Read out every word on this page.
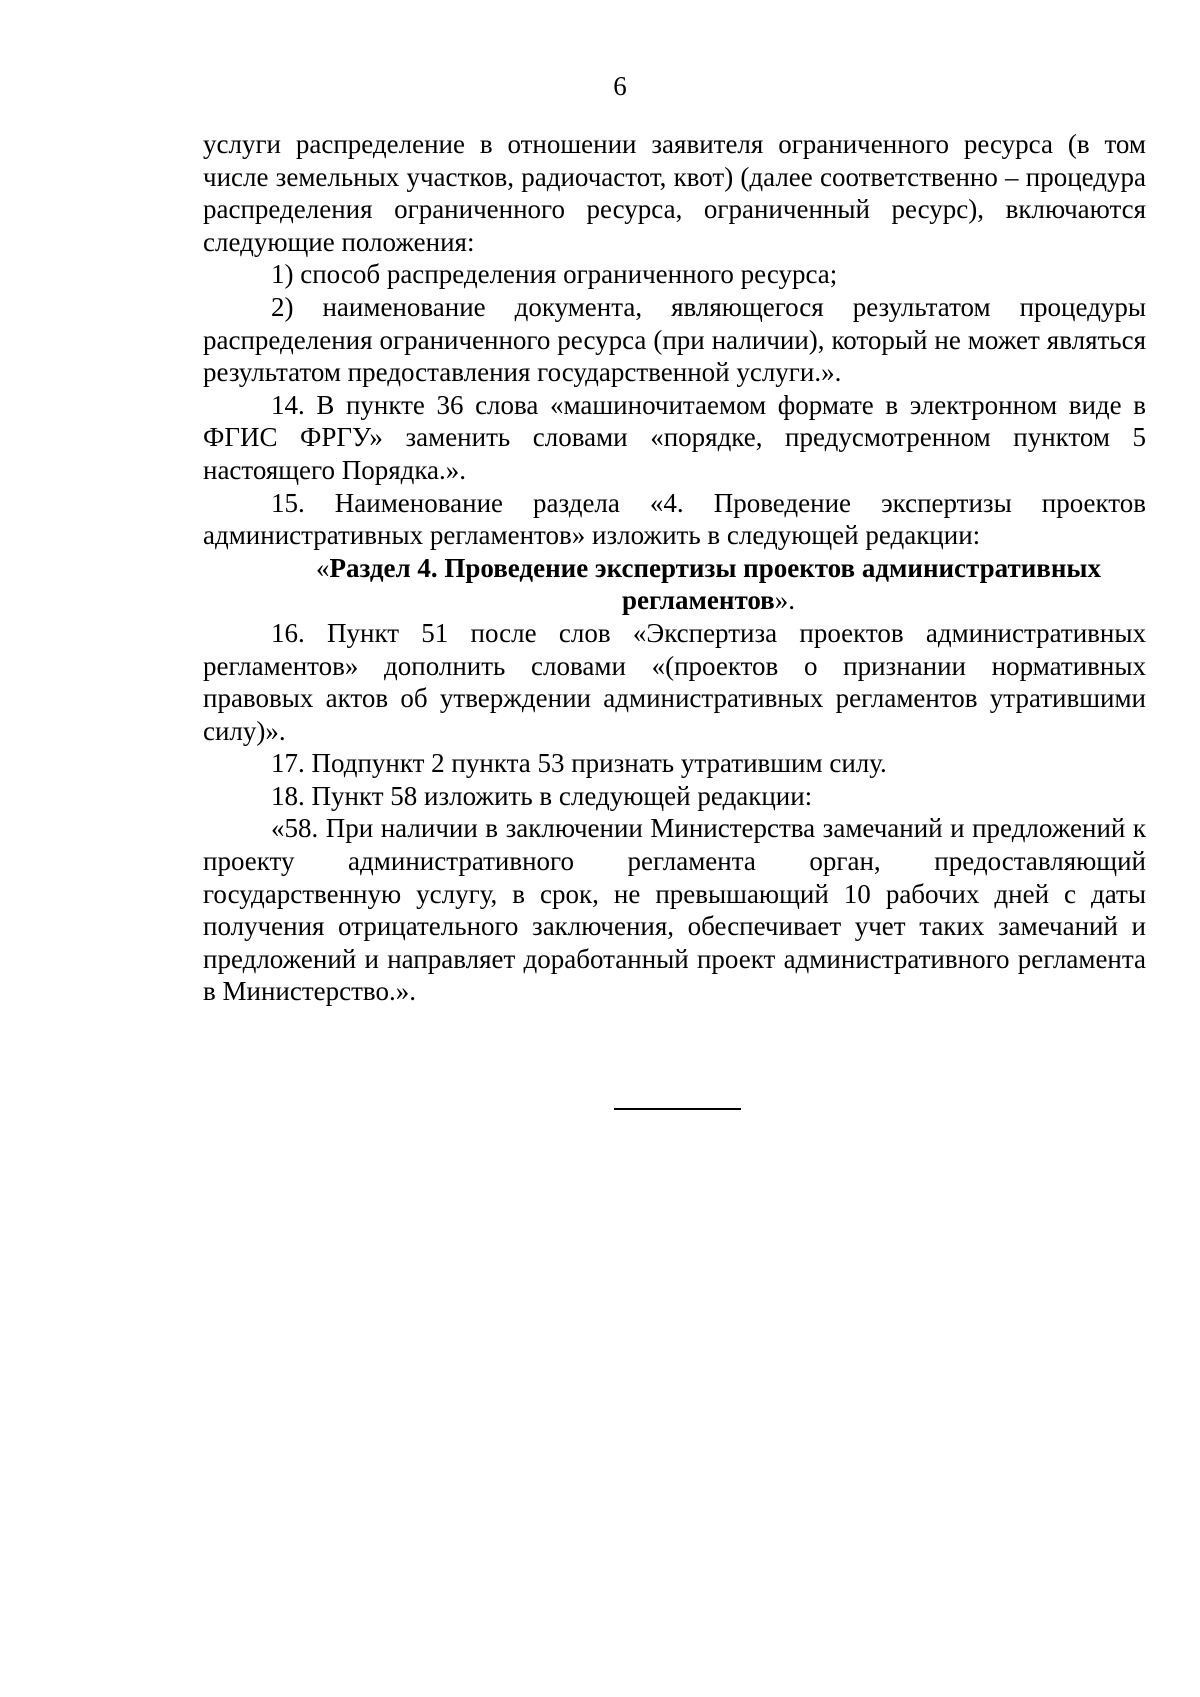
6

услуги распределение в отношении заявителя ограниченного ресурса (в том числе земельных участков, радиочастот, квот) (далее соответственно – процедура распределения ограниченного ресурса, ограниченный ресурс), включаются следующие положения:

1) способ распределения ограниченного ресурса;

2) наименование документа, являющегося результатом процедуры распределения ограниченного ресурса (при наличии), который не может являться результатом предоставления государственной услуги.».

14. В пункте 36 слова «машиночитаемом формате в электронном виде в ФГИС ФРГУ» заменить словами «порядке, предусмотренном пунктом 5 настоящего Порядка.».

15. Наименование раздела «4. Проведение экспертизы проектов административных регламентов» изложить в следующей редакции:

«Раздел 4. Проведение экспертизы проектов административных регламентов».

16. Пункт 51 после слов «Экспертиза проектов административных регламентов» дополнить словами «(проектов о признании нормативных правовых актов об утверждении административных регламентов утратившими силу)».

17. Подпункт 2 пункта 53 признать утратившим силу.

18. Пункт 58 изложить в следующей редакции:

«58. При наличии в заключении Министерства замечаний и предложений к проекту административного регламента орган, предоставляющий государственную услугу, в срок, не превышающий 10 рабочих дней с даты получения отрицательного заключения, обеспечивает учет таких замечаний и предложений и направляет доработанный проект административного регламента в Министерство.».
